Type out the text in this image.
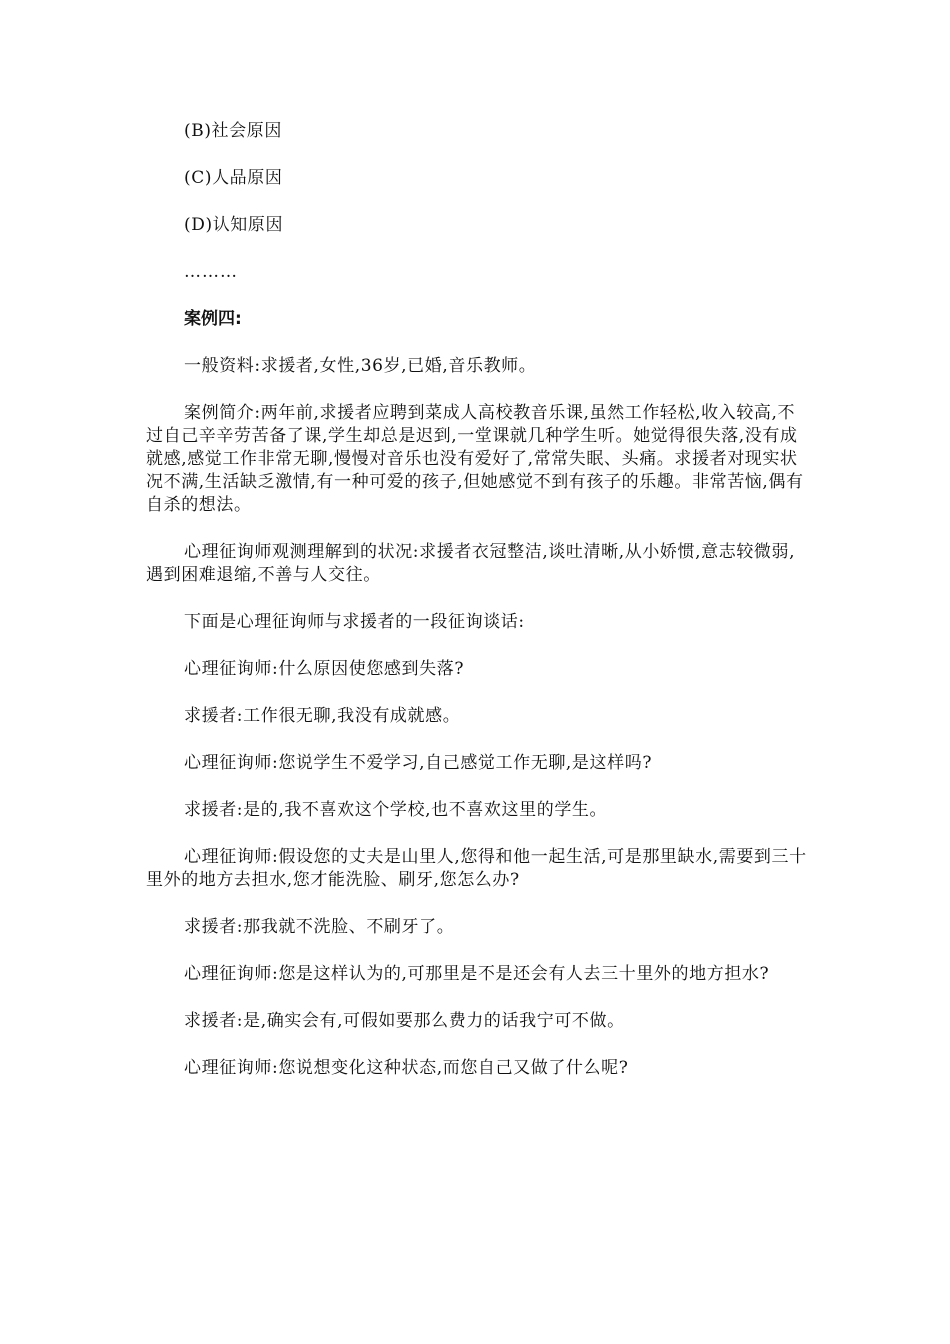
(B)社会原因

(C)人品原因

(D)认知原因

………

案例四:

一般资料:求援者,女性,36岁,已婚,音乐教师。

案例简介:两年前,求援者应聘到菜成人高校教音乐课,虽然工作轻松,收入较高,不过自己辛辛劳苦备了课,学生却总是迟到,一堂课就几种学生听。她觉得很失落,没有成就感,感觉工作非常无聊,慢慢对音乐也没有爱好了,常常失眠、头痛。求援者对现实状况不满,生活缺乏激情,有一种可爱的孩子,但她感觉不到有孩子的乐趣。非常苦恼,偶有自杀的想法。

心理征询师观测理解到的状况:求援者衣冠整洁,谈吐清晰,从小娇惯,意志较微弱,遇到困难退缩,不善与人交往。

下面是心理征询师与求援者的一段征询谈话:

心理征询师:什么原因使您感到失落?

求援者:工作很无聊,我没有成就感。

心理征询师:您说学生不爱学习,自己感觉工作无聊,是这样吗?

求援者:是的,我不喜欢这个学校,也不喜欢这里的学生。

心理征询师:假设您的丈夫是山里人,您得和他一起生活,可是那里缺水,需要到三十里外的地方去担水,您才能洗脸、刷牙,您怎么办?

求援者:那我就不洗脸、不刷牙了。

心理征询师:您是这样认为的,可那里是不是还会有人去三十里外的地方担水?

求援者:是,确实会有,可假如要那么费力的话我宁可不做。

心理征询师:您说想变化这种状态,而您自己又做了什么呢?
